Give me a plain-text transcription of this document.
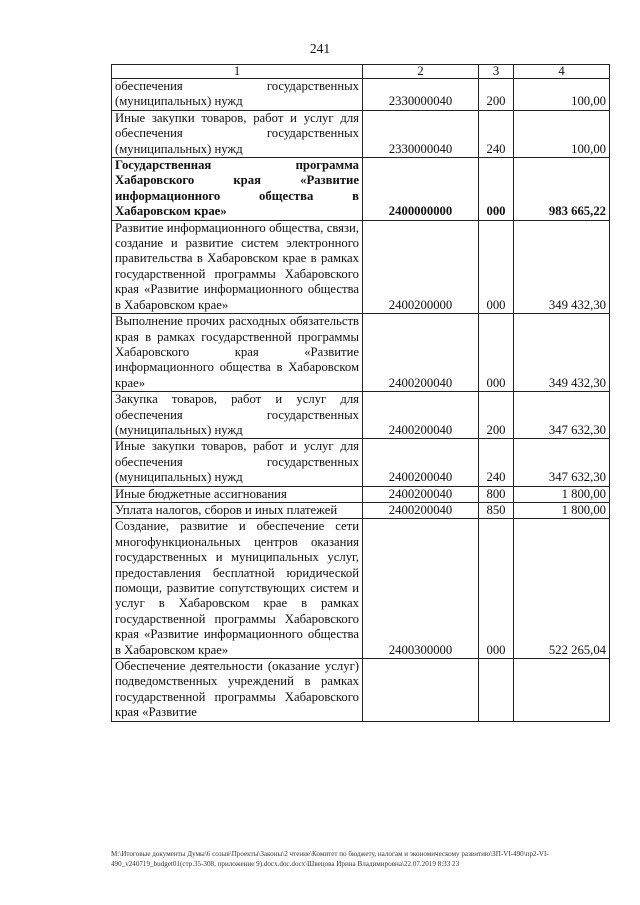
241
1	2	3	4
обеспечения государственных (муниципальных) нужд	2330000040	200	100,00
Иные закупки товаров, работ и услуг для обеспечения государственных (муниципальных) нужд	2330000040	240	100,00
Государственная программа Хабаровского края «Развитие информационного общества в Хабаровском крае»	2400000000	000	983 665,22
Развитие информационного общества, связи, создание и развитие систем электронного правительства в Хабаровском крае в рамках государственной программы Хабаровского края «Развитие информационного общества в Хабаровском крае»	2400200000	000	349 432,30
Выполнение прочих расходных обязательств края в рамках государственной программы Хабаровского края «Развитие информационного общества в Хабаровском крае»	2400200040	000	349 432,30
Закупка товаров, работ и услуг для обеспечения государственных (муниципальных) нужд	2400200040	200	347 632,30
Иные закупки товаров, работ и услуг для обеспечения государственных (муниципальных) нужд	2400200040	240	347 632,30
Иные бюджетные ассигнования	2400200040	800	1 800,00
Уплата налогов, сборов и иных платежей	2400200040	850	1 800,00
Создание, развитие и обеспечение сети многофункциональных центров оказания государственных и муниципальных услуг, предоставления бесплатной юридической помощи, развитие сопутствующих систем и услуг в Хабаровском крае в рамках государственной программы Хабаровского края «Развитие информационного общества в Хабаровском крае»	2400300000	000	522 265,04
Обеспечение деятельности (оказание услуг) подведомственных учреждений в рамках государственной программы Хабаровского края «Развитие			
M:\Итоговые документы Думы\6 созыв\Проекты\Законы\2 чтение\Комитет по бюджету, налогам и экономическому развитию\ЗП-VI-490\пр2-VI-490_v240719_budget01(стр.35-308, приложение 9).docx.doc.docx\Швецова Ирина Владимировна\22.07.2019 8:33 23
